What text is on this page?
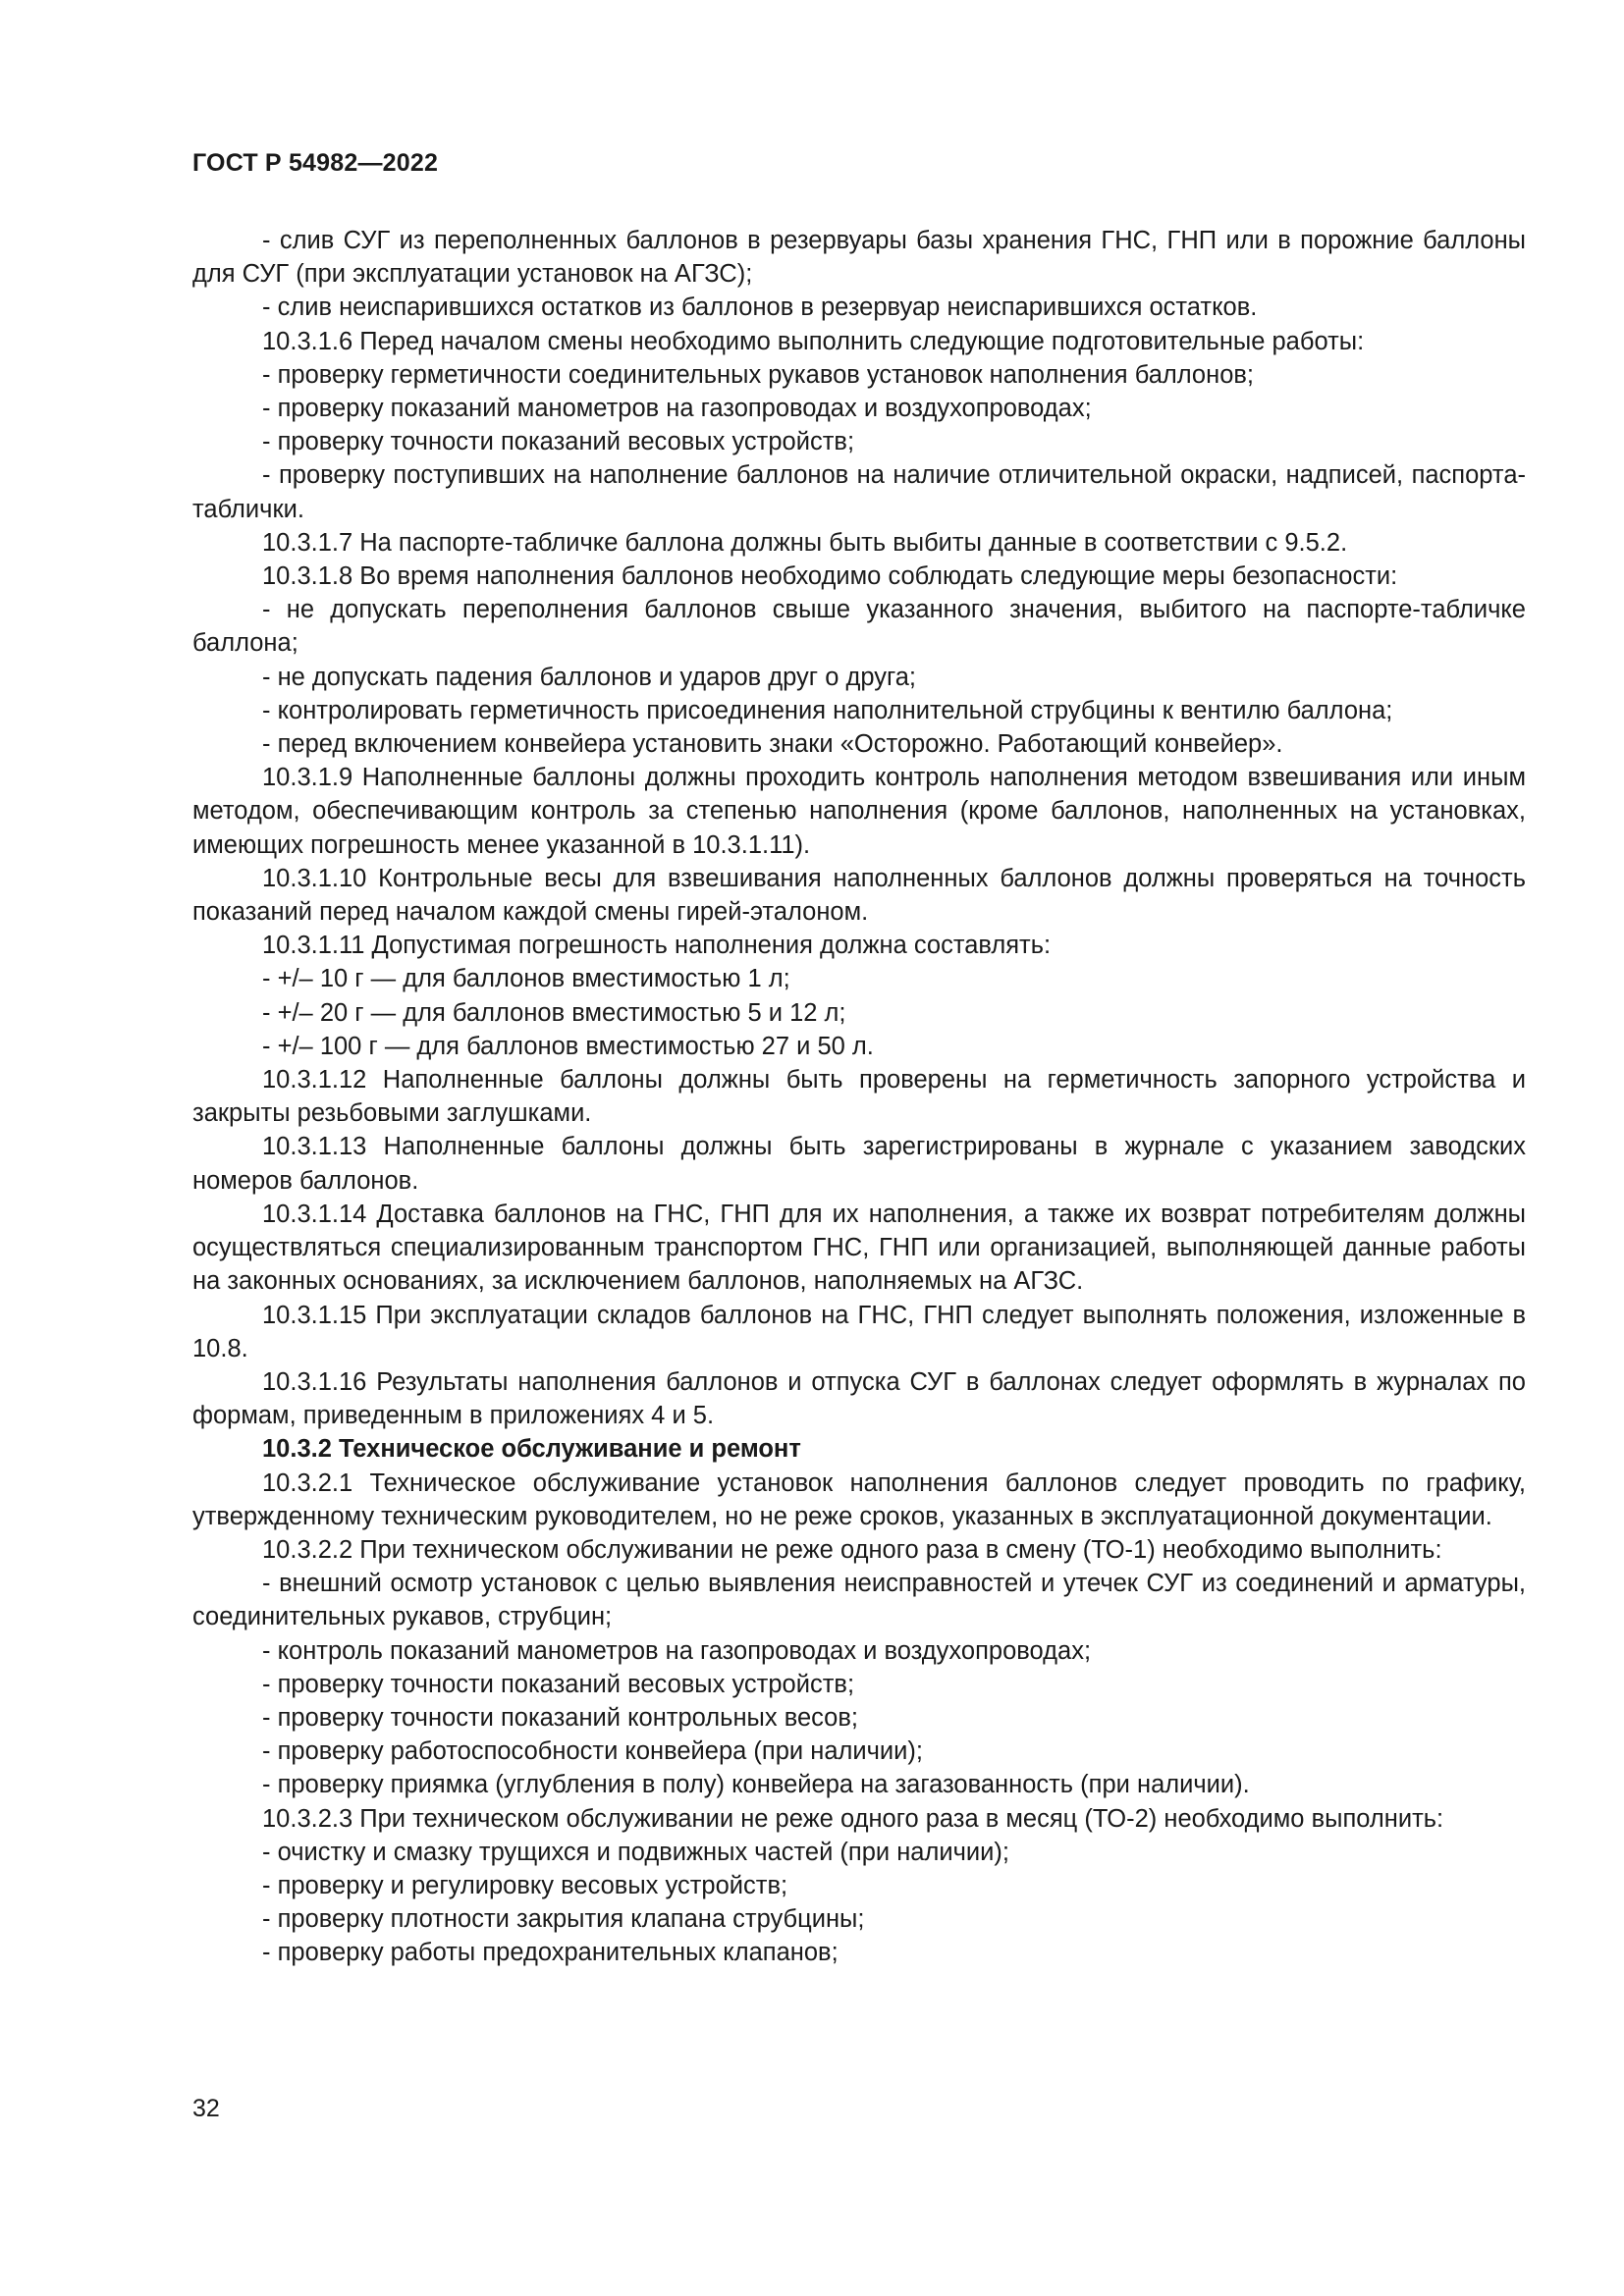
ГОСТ Р 54982—2022

- слив СУГ из переполненных баллонов в резервуары базы хранения ГНС, ГНП или в порожние баллоны для СУГ (при эксплуатации установок на АГЗС);

- слив неиспарившихся остатков из баллонов в резервуар неиспарившихся остатков.

10.3.1.6 Перед началом смены необходимо выполнить следующие подготовительные работы:

- проверку герметичности соединительных рукавов установок наполнения баллонов;

- проверку показаний манометров на газопроводах и воздухопроводах;

- проверку точности показаний весовых устройств;

- проверку поступивших на наполнение баллонов на наличие отличительной окраски, надписей, паспорта-таблички.

10.3.1.7 На паспорте-табличке баллона должны быть выбиты данные в соответствии с 9.5.2.

10.3.1.8 Во время наполнения баллонов необходимо соблюдать следующие меры безопасности:

- не допускать переполнения баллонов свыше указанного значения, выбитого на паспорте-табличке баллона;

- не допускать падения баллонов и ударов друг о друга;

- контролировать герметичность присоединения наполнительной струбцины к вентилю баллона;

- перед включением конвейера установить знаки «Осторожно. Работающий конвейер».

10.3.1.9 Наполненные баллоны должны проходить контроль наполнения методом взвешивания или иным методом, обеспечивающим контроль за степенью наполнения (кроме баллонов, наполненных на установках, имеющих погрешность менее указанной в 10.3.1.11).

10.3.1.10 Контрольные весы для взвешивания наполненных баллонов должны проверяться на точность показаний перед началом каждой смены гирей-эталоном.

10.3.1.11 Допустимая погрешность наполнения должна составлять:

- +/– 10 г — для баллонов вместимостью 1 л;

- +/– 20 г — для баллонов вместимостью 5 и 12 л;

- +/– 100 г — для баллонов вместимостью 27 и 50 л.

10.3.1.12 Наполненные баллоны должны быть проверены на герметичность запорного устройства и закрыты резьбовыми заглушками.

10.3.1.13 Наполненные баллоны должны быть зарегистрированы в журнале с указанием заводских номеров баллонов.

10.3.1.14 Доставка баллонов на ГНС, ГНП для их наполнения, а также их возврат потребителям должны осуществляться специализированным транспортом ГНС, ГНП или организацией, выполняющей данные работы на законных основаниях, за исключением баллонов, наполняемых на АГЗС.

10.3.1.15 При эксплуатации складов баллонов на ГНС, ГНП следует выполнять положения, изложенные в 10.8.

10.3.1.16 Результаты наполнения баллонов и отпуска СУГ в баллонах следует оформлять в журналах по формам, приведенным в приложениях 4 и 5.

10.3.2 Техническое обслуживание и ремонт

10.3.2.1 Техническое обслуживание установок наполнения баллонов следует проводить по графику, утвержденному техническим руководителем, но не реже сроков, указанных в эксплуатационной документации.

10.3.2.2 При техническом обслуживании не реже одного раза в смену (ТО-1) необходимо выполнить:

- внешний осмотр установок с целью выявления неисправностей и утечек СУГ из соединений и арматуры, соединительных рукавов, струбцин;

- контроль показаний манометров на газопроводах и воздухопроводах;

- проверку точности показаний весовых устройств;

- проверку точности показаний контрольных весов;

- проверку работоспособности конвейера (при наличии);

- проверку приямка (углубления в полу) конвейера на загазованность (при наличии).

10.3.2.3 При техническом обслуживании не реже одного раза в месяц (ТО-2) необходимо выполнить:

- очистку и смазку трущихся и подвижных частей (при наличии);

- проверку и регулировку весовых устройств;

- проверку плотности закрытия клапана струбцины;

- проверку работы предохранительных клапанов;

32
